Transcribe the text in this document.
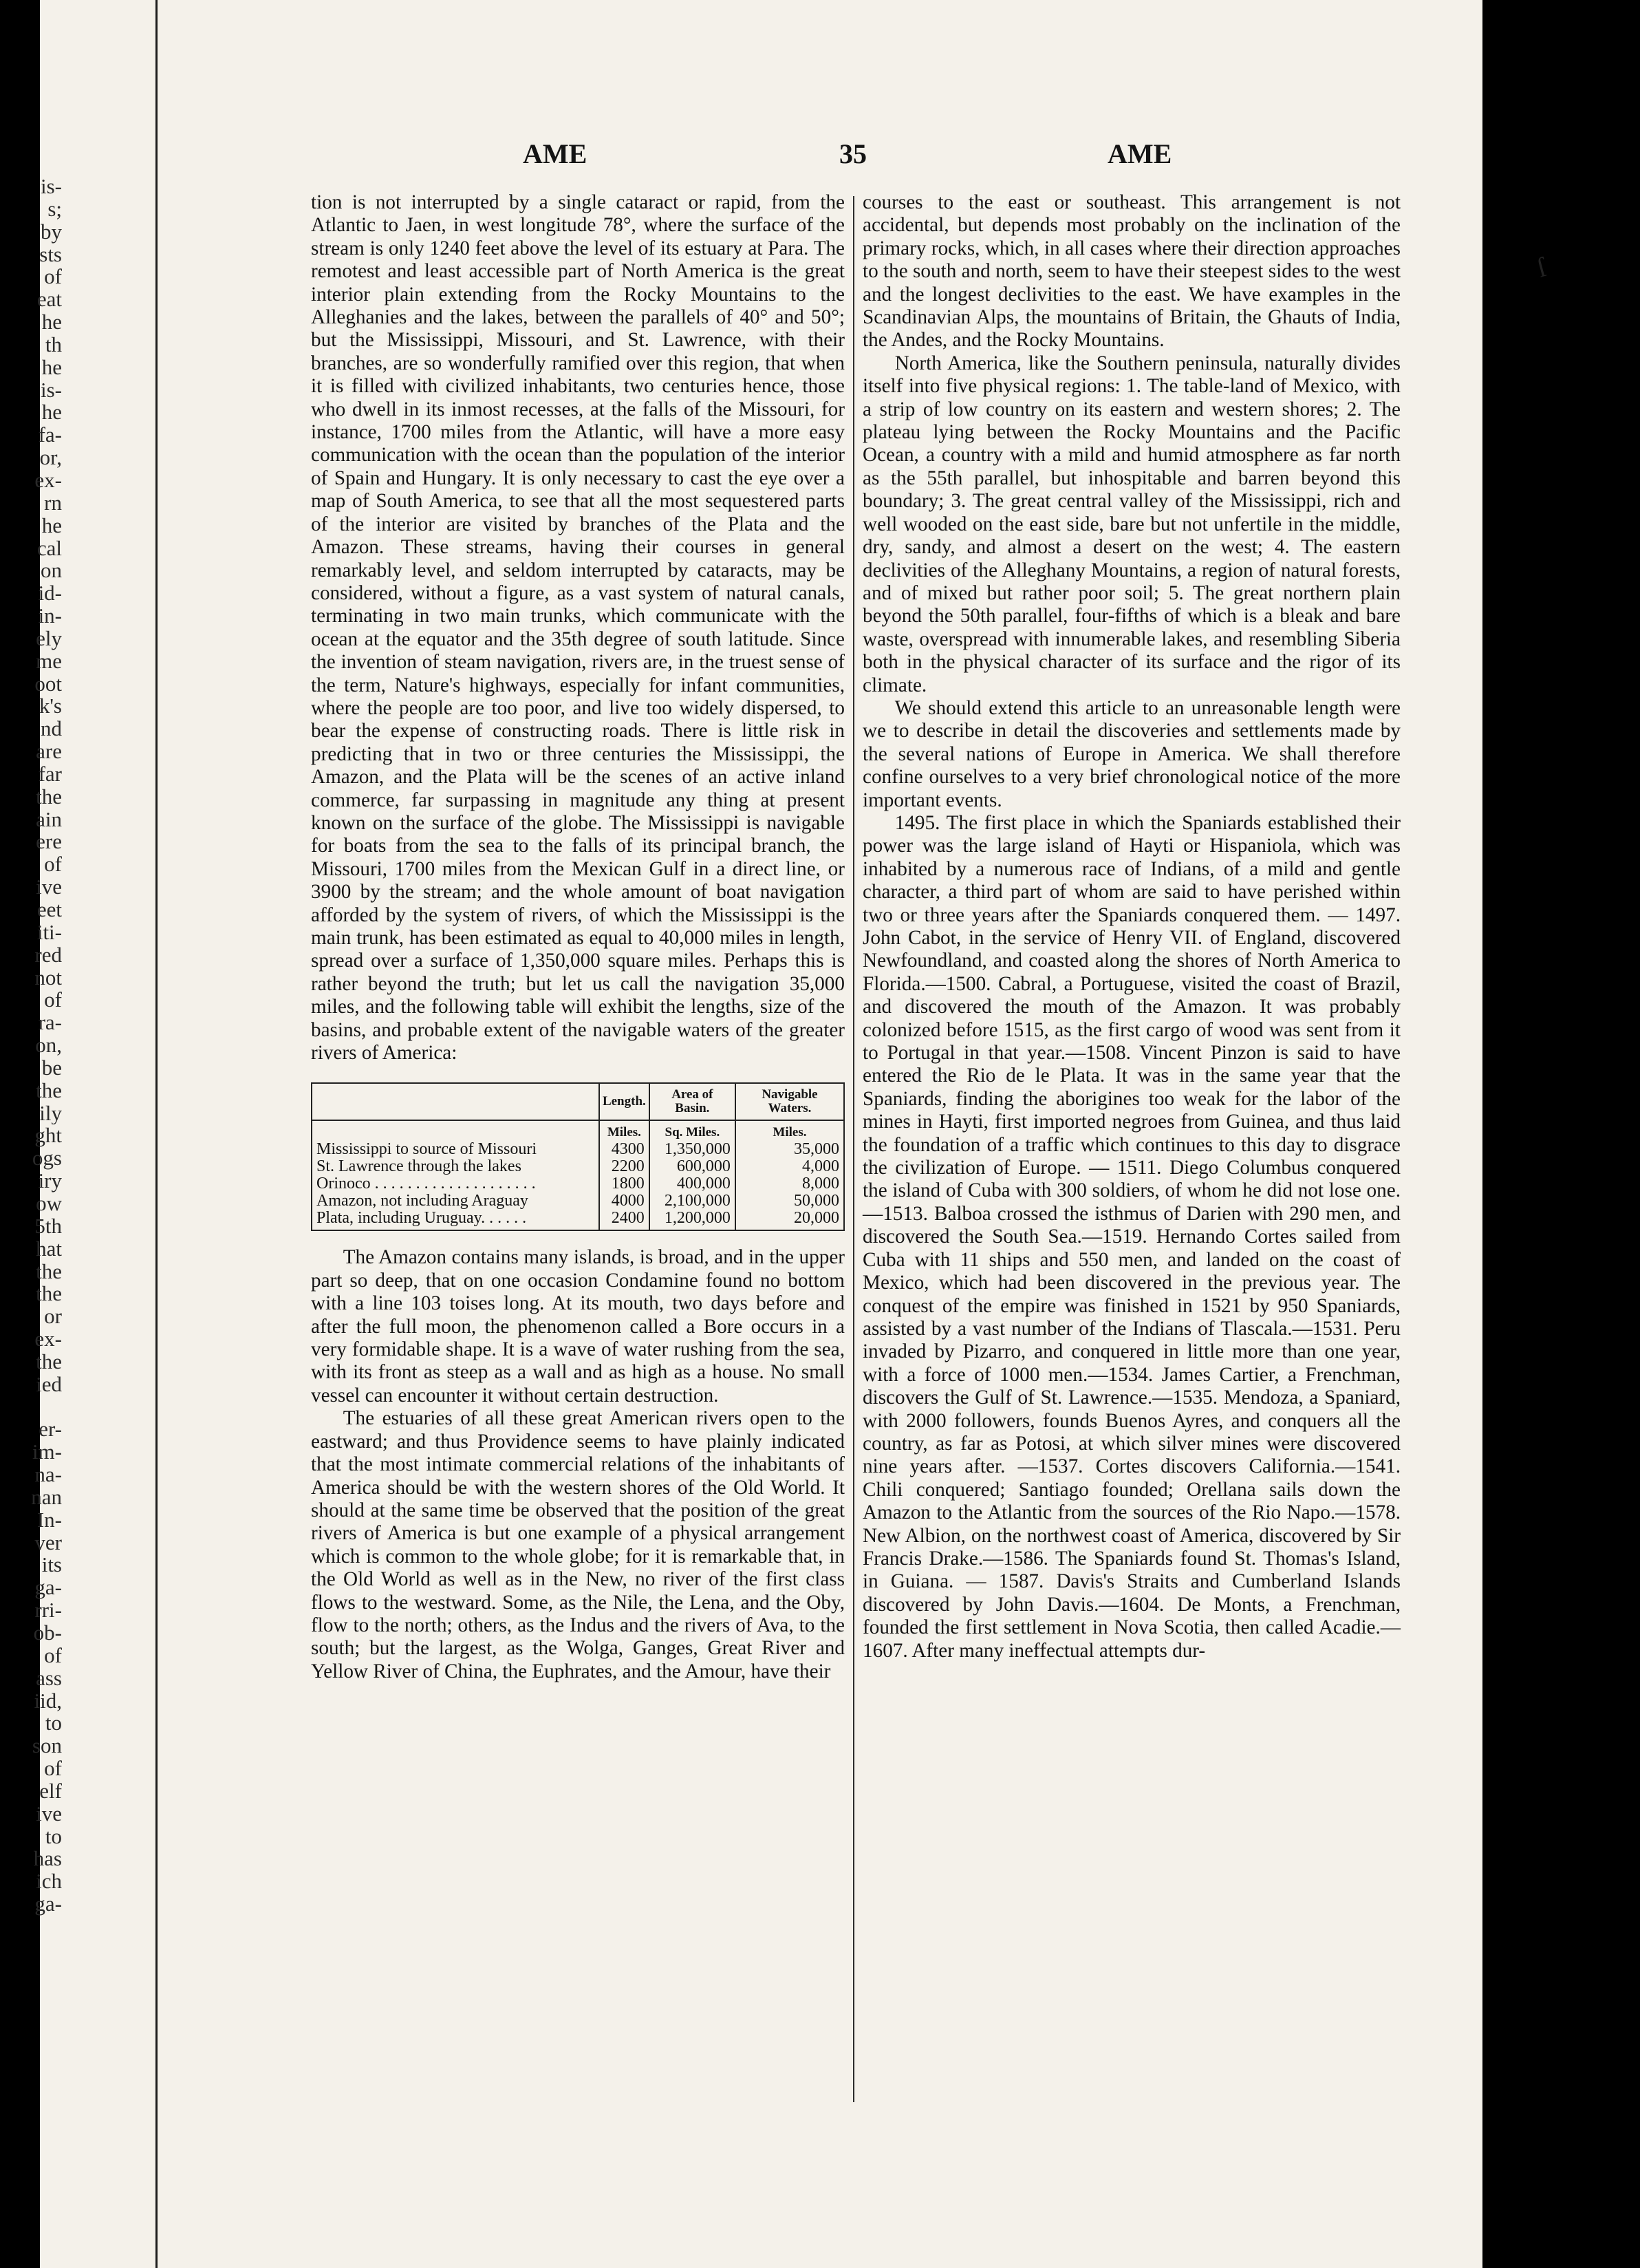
is-
s;
by
sts
of
eat
he
th
he
is-
he
fa-
or,
ex-
rn
he
cal
on
id-
in-
ely
me
oot
k's
nd
are
far
the
ain
ere
of
ive
eet
iti-
red
not
of
ra-
on,
be
the
ily
ght
ogs
iry
ow
5th
hat
the
the
or
ex-
the
ied

er-
im-
na-
nan
In-
ver
its
ga-
rri-
ob-
of
ass
iid,
to
son
of
elf
ive
to
has
ich
ga-
AME	35	AME

tion is not interrupted by a single cataract or rapid, from the Atlantic to Jaen, in west longitude 78°, where the surface of the stream is only 1240 feet above the level of its estuary at Para. The remotest and least accessible part of North America is the great interior plain extending from the Rocky Mountains to the Alleghanies and the lakes, between the parallels of 40° and 50°; but the Mississippi, Missouri, and St. Lawrence, with their branches, are so wonderfully ramified over this region, that when it is filled with civilized inhabitants, two centuries hence, those who dwell in its inmost recesses, at the falls of the Missouri, for instance, 1700 miles from the Atlantic, will have a more easy communication with the ocean than the population of the interior of Spain and Hungary. It is only necessary to cast the eye over a map of South America, to see that all the most sequestered parts of the interior are visited by branches of the Plata and the Amazon. These streams, having their courses in general remarkably level, and seldom interrupted by cataracts, may be considered, without a figure, as a vast system of natural canals, terminating in two main trunks, which communicate with the ocean at the equator and the 35th degree of south latitude. Since the invention of steam navigation, rivers are, in the truest sense of the term, Nature's highways, especially for infant communities, where the people are too poor, and live too widely dispersed, to bear the expense of constructing roads. There is little risk in predicting that in two or three centuries the Mississippi, the Amazon, and the Plata will be the scenes of an active inland commerce, far surpassing in magnitude any thing at present known on the surface of the globe. The Mississippi is navigable for boats from the sea to the falls of its principal branch, the Missouri, 1700 miles from the Mexican Gulf in a direct line, or 3900 by the stream; and the whole amount of boat navigation afforded by the system of rivers, of which the Mississippi is the main trunk, has been estimated as equal to 40,000 miles in length, spread over a surface of 1,350,000 square miles. Perhaps this is rather beyond the truth; but let us call the navigation 35,000 miles, and the following table will exhibit the lengths, size of the basins, and probable extent of the navigable waters of the greater rivers of America:

	Length.	Area of Basin.	Navigable Waters.
	Miles.	Sq. Miles.	Miles.
Mississippi to source of Missouri	4300	1,350,000	35,000
St. Lawrence through the lakes	2200	600,000	4,000
Orinoco . . . . . . . . . . . . . . . . . . . .	1800	400,000	8,000
Amazon, not including Araguay	4000	2,100,000	50,000
Plata, including Uruguay. . . . . .	2400	1,200,000	20,000

The Amazon contains many islands, is broad, and in the upper part so deep, that on one occasion Condamine found no bottom with a line 103 toises long. At its mouth, two days before and after the full moon, the phenomenon called a Bore occurs in a very formidable shape. It is a wave of water rushing from the sea, with its front as steep as a wall and as high as a house. No small vessel can encounter it without certain destruction.

The estuaries of all these great American rivers open to the eastward; and thus Providence seems to have plainly indicated that the most intimate commercial relations of the inhabitants of America should be with the western shores of the Old World. It should at the same time be observed that the position of the great rivers of America is but one example of a physical arrangement which is common to the whole globe; for it is remarkable that, in the Old World as well as in the New, no river of the first class flows to the westward. Some, as the Nile, the Lena, and the Oby, flow to the north; others, as the Indus and the rivers of Ava, to the south; but the largest, as the Wolga, Ganges, Great River and Yellow River of China, the Euphrates, and the Amour, have their

courses to the east or southeast. This arrangement is not accidental, but depends most probably on the inclination of the primary rocks, which, in all cases where their direction approaches to the south and north, seem to have their steepest sides to the west and the longest declivities to the east. We have examples in the Scandinavian Alps, the mountains of Britain, the Ghauts of India, the Andes, and the Rocky Mountains.

North America, like the Southern peninsula, naturally divides itself into five physical regions: 1. The table-land of Mexico, with a strip of low country on its eastern and western shores; 2. The plateau lying between the Rocky Mountains and the Pacific Ocean, a country with a mild and humid atmosphere as far north as the 55th parallel, but inhospitable and barren beyond this boundary; 3. The great central valley of the Mississippi, rich and well wooded on the east side, bare but not unfertile in the middle, dry, sandy, and almost a desert on the west; 4. The eastern declivities of the Alleghany Mountains, a region of natural forests, and of mixed but rather poor soil; 5. The great northern plain beyond the 50th parallel, four-fifths of which is a bleak and bare waste, overspread with innumerable lakes, and resembling Siberia both in the physical character of its surface and the rigor of its climate.

We should extend this article to an unreasonable length were we to describe in detail the discoveries and settlements made by the several nations of Europe in America. We shall therefore confine ourselves to a very brief chronological notice of the more important events.

1495. The first place in which the Spaniards established their power was the large island of Hayti or Hispaniola, which was inhabited by a numerous race of Indians, of a mild and gentle character, a third part of whom are said to have perished within two or three years after the Spaniards conquered them. — 1497. John Cabot, in the service of Henry VII. of England, discovered Newfoundland, and coasted along the shores of North America to Florida.—1500. Cabral, a Portuguese, visited the coast of Brazil, and discovered the mouth of the Amazon. It was probably colonized before 1515, as the first cargo of wood was sent from it to Portugal in that year.—1508. Vincent Pinzon is said to have entered the Rio de le Plata. It was in the same year that the Spaniards, finding the aborigines too weak for the labor of the mines in Hayti, first imported negroes from Guinea, and thus laid the foundation of a traffic which continues to this day to disgrace the civilization of Europe. — 1511. Diego Columbus conquered the island of Cuba with 300 soldiers, of whom he did not lose one.—1513. Balboa crossed the isthmus of Darien with 290 men, and discovered the South Sea.—1519. Hernando Cortes sailed from Cuba with 11 ships and 550 men, and landed on the coast of Mexico, which had been discovered in the previous year. The conquest of the empire was finished in 1521 by 950 Spaniards, assisted by a vast number of the Indians of Tlascala.—1531. Peru invaded by Pizarro, and conquered in little more than one year, with a force of 1000 men.—1534. James Cartier, a Frenchman, discovers the Gulf of St. Lawrence.—1535. Mendoza, a Spaniard, with 2000 followers, founds Buenos Ayres, and conquers all the country, as far as Potosi, at which silver mines were discovered nine years after. —1537. Cortes discovers California.—1541. Chili conquered; Santiago founded; Orellana sails down the Amazon to the Atlantic from the sources of the Rio Napo.—1578. New Albion, on the northwest coast of America, discovered by Sir Francis Drake.—1586. The Spaniards found St. Thomas's Island, in Guiana. — 1587. Davis's Straits and Cumberland Islands discovered by John Davis.—1604. De Monts, a Frenchman, founded the first settlement in Nova Scotia, then called Acadie.—1607. After many ineffectual attempts dur-

ſ
